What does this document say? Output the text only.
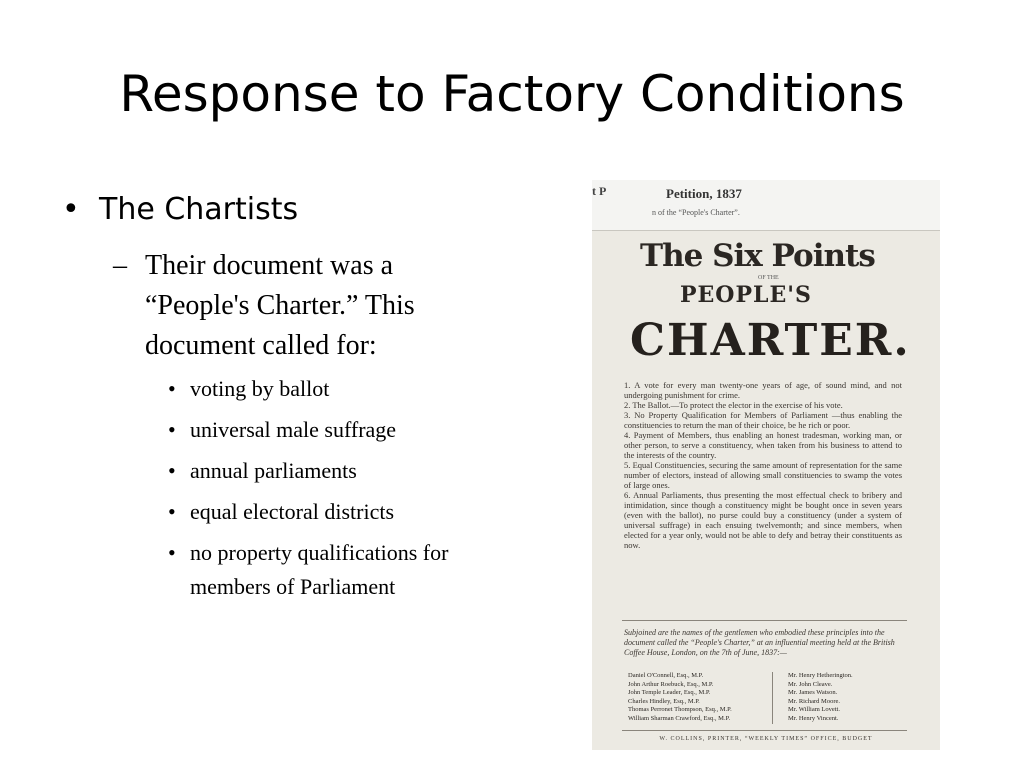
Response to Factory Conditions
• The Chartists
– Their document was a “People's Charter.” This document called for:
• voting by ballot
• universal male suffrage
• annual parliaments
• equal electoral districts
• no property qualifications for members of Parliament
t P	Petition, 1837
n of the “People's Charter”.
The Six Points
OF THE
PEOPLE'S
CHARTER.

1. A vote for every man twenty-one years of age, of sound mind, and not undergoing punishment for crime.

2. The Ballot.—To protect the elector in the exercise of his vote.

3. No Property Qualification for Members of Parliament —thus enabling the constituencies to return the man of their choice, be he rich or poor.

4. Payment of Members, thus enabling an honest tradesman, working man, or other person, to serve a constituency, when taken from his business to attend to the interests of the country.

5. Equal Constituencies, securing the same amount of representation for the same number of electors, instead of allowing small constituencies to swamp the votes of large ones.

6. Annual Parliaments, thus presenting the most effectual check to bribery and intimidation, since though a constituency might be bought once in seven years (even with the ballot), no purse could buy a constituency (under a system of universal suffrage) in each ensuing twelvemonth; and since members, when elected for a year only, would not be able to defy and betray their constituents as now.

Subjoined are the names of the gentlemen who embodied these principles into the document called the “People's Charter,” at an influential meeting held at the British Coffee House, London, on the 7th of June, 1837:—
Daniel O'Connell, Esq., M.P.
John Arthur Roebuck, Esq., M.P.
John Temple Leader, Esq., M.P.
Charles Hindley, Esq., M.P.
Thomas Perronet Thompson, Esq., M.P.
William Sharman Crawford, Esq., M.P.
Mr. Henry Hetherington.
Mr. John Cleave.
Mr. James Watson.
Mr. Richard Moore.
Mr. William Lovett.
Mr. Henry Vincent.
W. COLLINS, PRINTER, “WEEKLY TIMES” OFFICE, BUDGET
